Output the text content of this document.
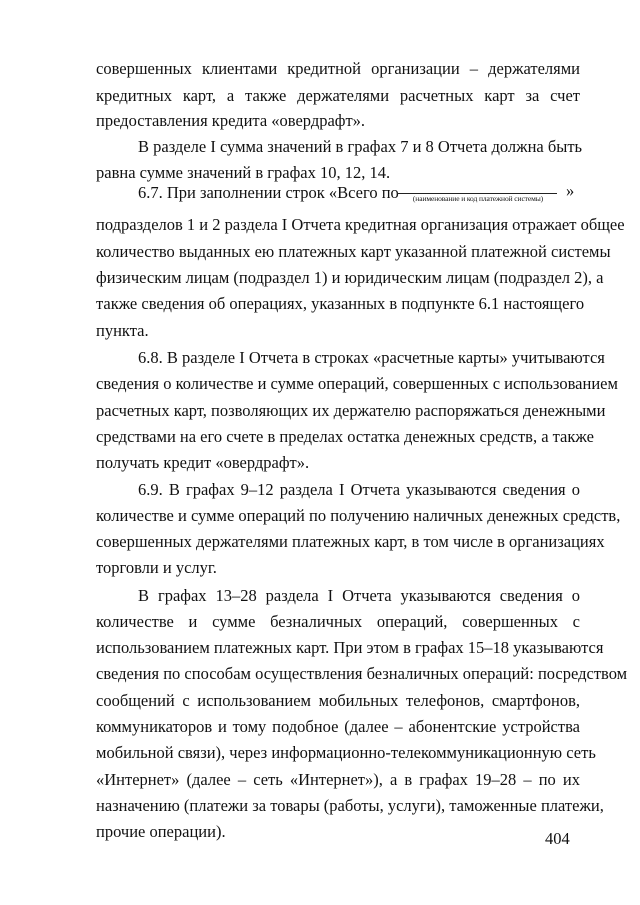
совершенных клиентами кредитной организации – держателями
кредитных карт, а также держателями расчетных карт за счет
предоставления кредита «овердрафт».
В разделе I сумма значений в графах 7 и 8 Отчета должна быть
равна сумме значений в графах 10, 12, 14.
6.7. При заполнении строк «Всего по	(наименование и код платежной системы)	»
подразделов 1 и 2 раздела I Отчета кредитная организация отражает общее
количество выданных ею платежных карт указанной платежной системы
физическим лицам (подраздел 1) и юридическим лицам (подраздел 2), а
также сведения об операциях, указанных в подпункте 6.1 настоящего
пункта.
6.8. В разделе I Отчета в строках «расчетные карты» учитываются
сведения о количестве и сумме операций, совершенных с использованием
расчетных карт, позволяющих их держателю распоряжаться денежными
средствами на его счете в пределах остатка денежных средств, а также
получать кредит «овердрафт».
6.9. В графах 9–12 раздела I Отчета указываются сведения о
количестве и сумме операций по получению наличных денежных средств,
совершенных держателями платежных карт, в том числе в организациях
торговли и услуг.
В графах 13–28 раздела I Отчета указываются сведения о
количестве и сумме безналичных операций, совершенных с
использованием платежных карт. При этом в графах 15–18 указываются
сведения по способам осуществления безналичных операций: посредством
сообщений с использованием мобильных телефонов, смартфонов,
коммуникаторов и тому подобное (далее – абонентские устройства
мобильной связи), через информационно-телекоммуникационную сеть
«Интернет» (далее – сеть «Интернет»), а в графах 19–28 – по их
назначению (платежи за товары (работы, услуги), таможенные платежи,
прочие операции).	404
